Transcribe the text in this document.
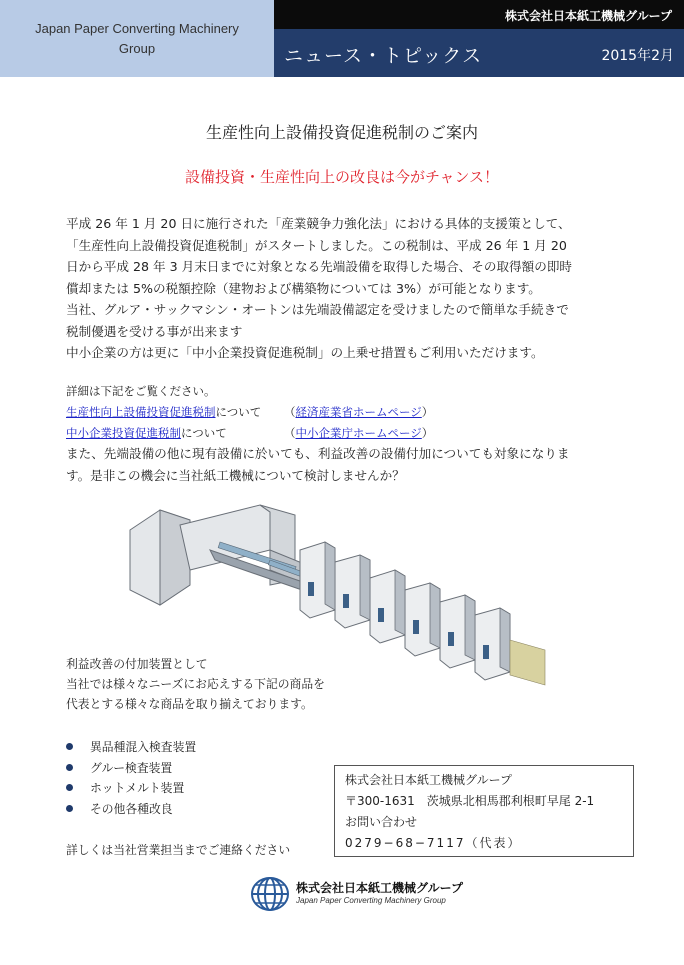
Japan Paper Converting Machinery
Group
株式会社日本紙工機械グループ
ニュース・トピックス	2015年2月
生産性向上設備投資促進税制のご案内
設備投資・生産性向上の改良は今がチャンス！

平成 26 年 1 月 20 日に施行された「産業競争力強化法」における具体的支援策として、

「生産性向上設備投資促進税制」がスタートしました。この税制は、平成 26 年 1 月 20

日から平成 28 年 3 月末日までに対象となる先端設備を取得した場合、その取得額の即時

償却または 5%の税額控除（建物および構築物については 3%）が可能となります。

当社、グルア・サックマシン・オートンは先端設備認定を受けましたので簡単な手続きで

税制優遇を受ける事が出来ます

中小企業の方は更に「中小企業投資促進税制」の上乗せ措置もご利用いただけます。

詳細は下記をご覧ください。
生産性向上設備投資促進税制について （経済産業省ホームページ）
中小企業投資促進税制について	（中小企業庁ホームページ）

また、先端設備の他に現有設備に於いても、利益改善の設備付加についても対象になりま

す。是非この機会に当社紙工機械について検討しませんか？

利益改善の付加装置として

当社では様々なニーズにお応えする下記の商品を

代表とする様々な商品を取り揃えております。

異品種混入検査装置
グルー検査装置
ホットメルト装置
その他各種改良
詳しくは当社営業担当までご連絡ください

株式会社日本紙工機械グループ

〒300-1631　茨城県北相馬郡利根町早尾 2-1

お問い合わせ

0279−68−7117（代表）

株式会社日本紙工機械グループ
Japan Paper Converting Machinery Group
